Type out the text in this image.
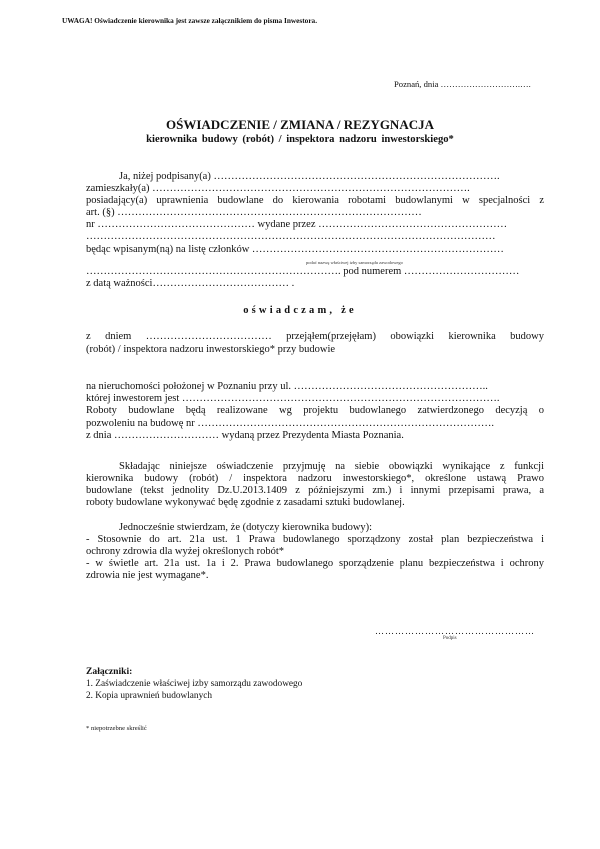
UWAGA! Oświadczenie kierownika jest zawsze załącznikiem do pisma Inwestora.
Poznań, dnia ……………………….….
OŚWIADCZENIE / ZMIANA / REZYGNACJA
kierownika budowy (robót) / inspektora nadzoru inwestorskiego*
Ja, niżej podpisany(a) ……………………………………………………………………….
zamieszkały(a) ……………………………………………………………………………….
posiadający(a) uprawnienia budowlane do kierowania robotami budowlanymi w specjalności z
art. (§) ……………………………………………………………………………
nr ……………………………………… wydane przez ………………………………………………
………………………………………………………………………………………………………
będąc wpisanym(ną) na listę członków ………………………………………………………………
podać nazwę właściwej izby samorządu zawodowego
………………………………………………………………. pod numerem ……………………………
z datą ważności………………………………… .
oświadczam, że
z dniem ……………………………… przejąłem(przejęłam) obowiązki kierownika budowy
(robót) / inspektora nadzoru inwestorskiego* przy budowie
na nieruchomości położonej w Poznaniu przy ul. ………………………………………………..
której inwestorem jest ……………………………………………………………………………….
Roboty budowlane będą realizowane wg projektu budowlanego zatwierdzonego decyzją o
pozwoleniu na budowę nr ………………………………………………………………………….
z dnia ………………………… wydaną przez Prezydenta Miasta Poznania.
Składając niniejsze oświadczenie przyjmuję na siebie obowiązki wynikające z funkcji
kierownika budowy (robót) / inspektora nadzoru inwestorskiego*, określone ustawą Prawo
budowlane (tekst jednolity Dz.U.2013.1409 z późniejszymi zm.) i innymi przepisami prawa, a
roboty budowlane wykonywać będę zgodnie z zasadami sztuki budowlanej.
Jednocześnie stwierdzam, że (dotyczy kierownika budowy):
- Stosownie do art. 21a ust. 1 Prawa budowlanego sporządzony został plan bezpieczeństwa i
ochrony zdrowia dla wyżej określonych robót*
- w świetle art. 21a ust. 1a i 2. Prawa budowlanego sporządzenie planu bezpieczeństwa i ochrony
zdrowia nie jest wymagane*.
…………………………………………
Podpis
Załączniki:
1. Zaświadczenie właściwej izby samorządu zawodowego
2. Kopia uprawnień budowlanych
* niepotrzebne skreślić
